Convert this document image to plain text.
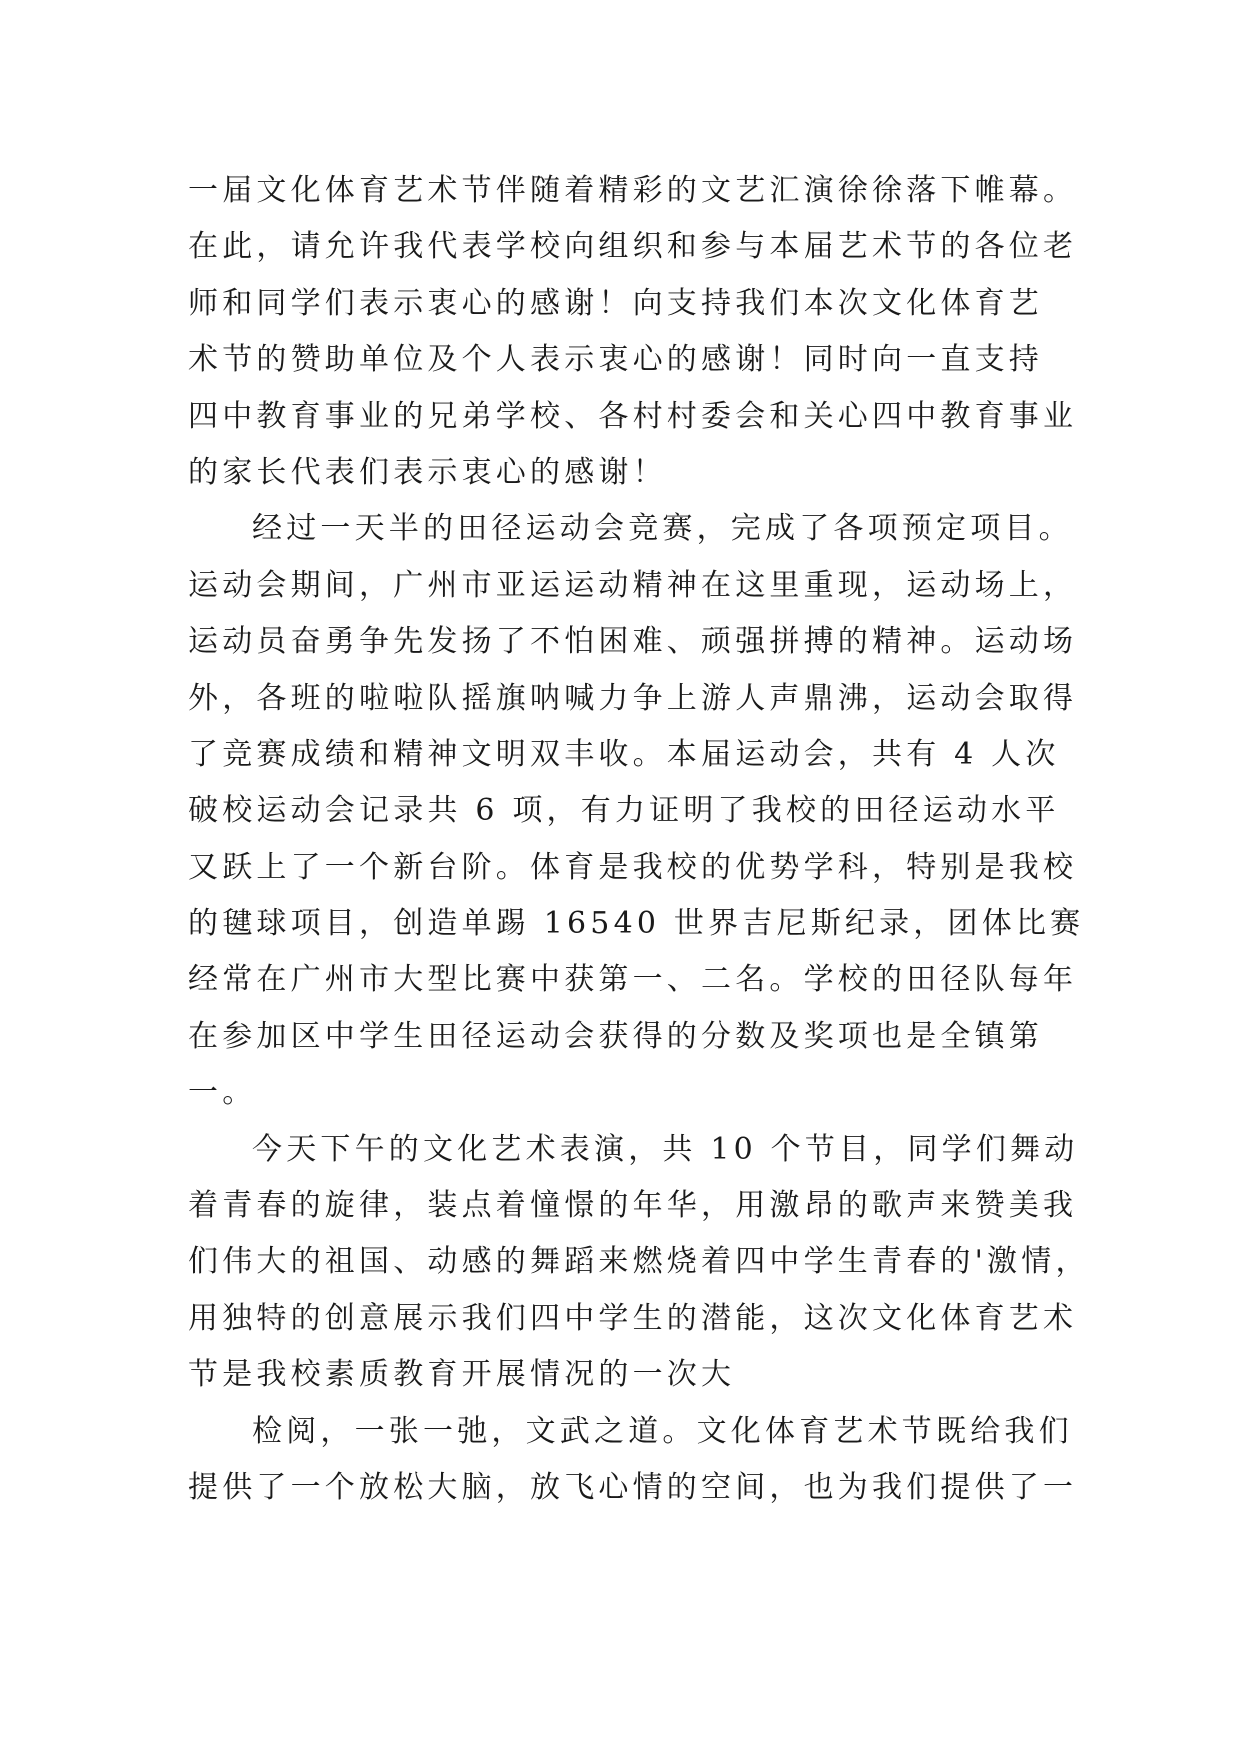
一届文化体育艺术节伴随着精彩的文艺汇演徐徐落下帷幕。
在此，请允许我代表学校向组织和参与本届艺术节的各位老
师和同学们表示衷心的感谢！向支持我们本次文化体育艺
术节的赞助单位及个人表示衷心的感谢！同时向一直支持
四中教育事业的兄弟学校、各村村委会和关心四中教育事业
的家长代表们表示衷心的感谢！
经过一天半的田径运动会竞赛，完成了各项预定项目。
运动会期间，广州市亚运运动精神在这里重现，运动场上，
运动员奋勇争先发扬了不怕困难、顽强拼搏的精神。运动场
外，各班的啦啦队摇旗呐喊力争上游人声鼎沸，运动会取得
了竞赛成绩和精神文明双丰收。本届运动会，共有 4 人次
破校运动会记录共 6 项，有力证明了我校的田径运动水平
又跃上了一个新台阶。体育是我校的优势学科，特别是我校
的毽球项目，创造单踢 16540 世界吉尼斯纪录，团体比赛
经常在广州市大型比赛中获第一、二名。学校的田径队每年
在参加区中学生田径运动会获得的分数及奖项也是全镇第
一。
今天下午的文化艺术表演，共 10 个节目，同学们舞动
着青春的旋律，装点着憧憬的年华，用激昂的歌声来赞美我
们伟大的祖国、动感的舞蹈来燃烧着四中学生青春的'激情，
用独特的创意展示我们四中学生的潜能，这次文化体育艺术
节是我校素质教育开展情况的一次大
检阅，一张一弛，文武之道。文化体育艺术节既给我们
提供了一个放松大脑，放飞心情的空间，也为我们提供了一
